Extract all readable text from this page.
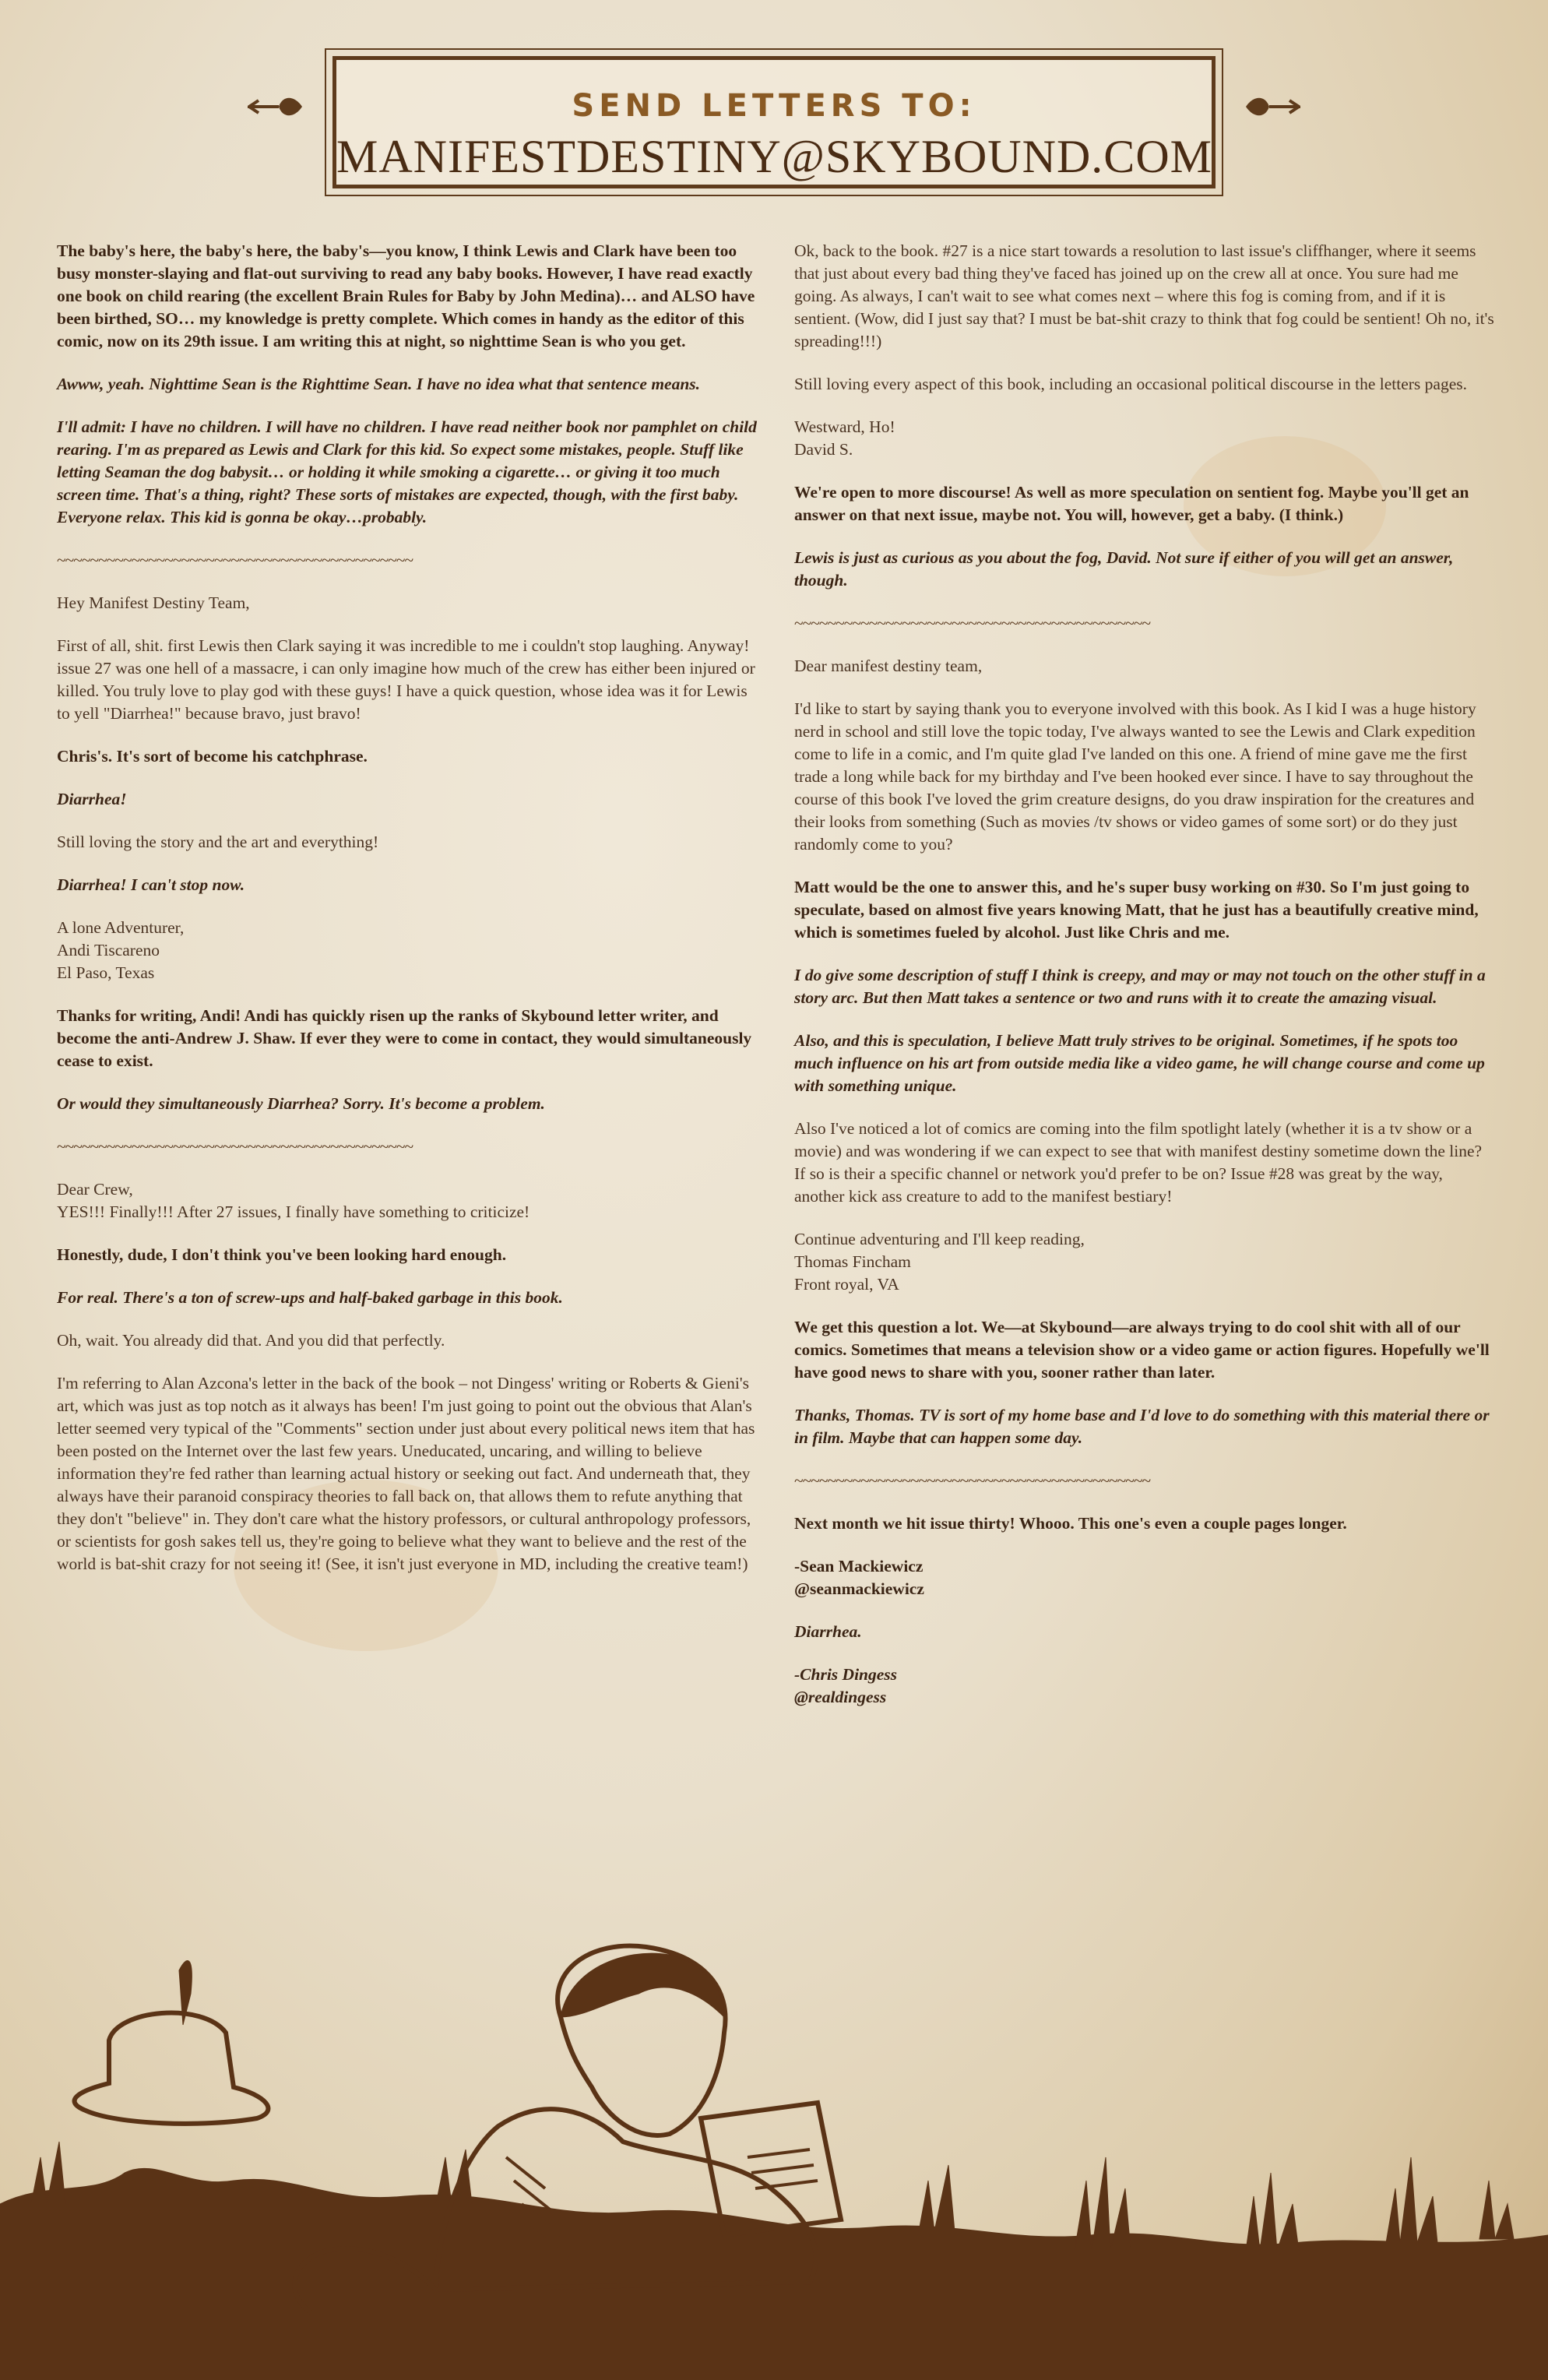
SEND LETTERS TO:
MANIFESTDESTINY@SKYBOUND.COM

The baby's here, the baby's here, the baby's—you know, I think Lewis and Clark have been too busy monster-slaying and flat-out surviving to read any baby books. However, I have read exactly one book on child rearing (the excellent Brain Rules for Baby by John Medina)… and ALSO have been birthed, SO… my knowledge is pretty complete. Which comes in handy as the editor of this comic, now on its 29th issue. I am writing this at night, so nighttime Sean is who you get.

Awww, yeah. Nighttime Sean is the Righttime Sean. I have no idea what that sentence means.

I'll admit: I have no children. I will have no children. I have read neither book nor pamphlet on child rearing. I'm as prepared as Lewis and Clark for this kid. So expect some mistakes, people. Stuff like letting Seaman the dog babysit… or holding it while smoking a cigarette… or giving it too much screen time. That's a thing, right? These sorts of mistakes are expected, though, with the first baby. Everyone relax. This kid is gonna be okay…probably.

~~~~~~~~~~~~~~~~~~~~~~~~~~~~~~~~~~~~~~~~~~~

Hey Manifest Destiny Team,

First of all, shit. first Lewis then Clark saying it was incredible to me i couldn't stop laughing. Anyway! issue 27 was one hell of a massacre, i can only imagine how much of the crew has either been injured or killed. You truly love to play god with these guys! I have a quick question, whose idea was it for Lewis to yell "Diarrhea!" because bravo, just bravo!

Chris's. It's sort of become his catchphrase.

Diarrhea!

Still loving the story and the art and everything!

Diarrhea! I can't stop now.

A lone Adventurer,
Andi Tiscareno
El Paso, Texas

Thanks for writing, Andi! Andi has quickly risen up the ranks of Skybound letter writer, and become the anti-Andrew J. Shaw. If ever they were to come in contact, they would simultaneously cease to exist.

Or would they simultaneously Diarrhea? Sorry. It's become a problem.

~~~~~~~~~~~~~~~~~~~~~~~~~~~~~~~~~~~~~~~~~~~

Dear Crew,
YES!!! Finally!!! After 27 issues, I finally have something to criticize!

Honestly, dude, I don't think you've been looking hard enough.

For real. There's a ton of screw-ups and half-baked garbage in this book.

Oh, wait. You already did that. And you did that perfectly.

I'm referring to Alan Azcona's letter in the back of the book – not Dingess' writing or Roberts & Gieni's art, which was just as top notch as it always has been! I'm just going to point out the obvious that Alan's letter seemed very typical of the "Comments" section under just about every political news item that has been posted on the Internet over the last few years. Uneducated, uncaring, and willing to believe information they're fed rather than learning actual history or seeking out fact. And underneath that, they always have their paranoid conspiracy theories to fall back on, that allows them to refute anything that they don't "believe" in. They don't care what the history professors, or cultural anthropology professors, or scientists for gosh sakes tell us, they're going to believe what they want to believe and the rest of the world is bat-shit crazy for not seeing it! (See, it isn't just everyone in MD, including the creative team!)

Ok, back to the book. #27 is a nice start towards a resolution to last issue's cliffhanger, where it seems that just about every bad thing they've faced has joined up on the crew all at once. You sure had me going. As always, I can't wait to see what comes next – where this fog is coming from, and if it is sentient. (Wow, did I just say that? I must be bat-shit crazy to think that fog could be sentient! Oh no, it's spreading!!!)

Still loving every aspect of this book, including an occasional political discourse in the letters pages.

Westward, Ho!
David S.

We're open to more discourse! As well as more speculation on sentient fog. Maybe you'll get an answer on that next issue, maybe not. You will, however, get a baby. (I think.)

Lewis is just as curious as you about the fog, David. Not sure if either of you will get an answer, though.

~~~~~~~~~~~~~~~~~~~~~~~~~~~~~~~~~~~~~~~~~~~

Dear manifest destiny team,

I'd like to start by saying thank you to everyone involved with this book. As I kid I was a huge history nerd in school and still love the topic today, I've always wanted to see the Lewis and Clark expedition come to life in a comic, and I'm quite glad I've landed on this one. A friend of mine gave me the first trade a long while back for my birthday and I've been hooked ever since. I have to say throughout the course of this book I've loved the grim creature designs, do you draw inspiration for the creatures and their looks from something (Such as movies /tv shows or video games of some sort) or do they just randomly come to you?

Matt would be the one to answer this, and he's super busy working on #30. So I'm just going to speculate, based on almost five years knowing Matt, that he just has a beautifully creative mind, which is sometimes fueled by alcohol. Just like Chris and me.

I do give some description of stuff I think is creepy, and may or may not touch on the other stuff in a story arc. But then Matt takes a sentence or two and runs with it to create the amazing visual.

Also, and this is speculation, I believe Matt truly strives to be original. Sometimes, if he spots too much influence on his art from outside media like a video game, he will change course and come up with something unique.

Also I've noticed a lot of comics are coming into the film spotlight lately (whether it is a tv show or a movie) and was wondering if we can expect to see that with manifest destiny sometime down the line? If so is their a specific channel or network you'd prefer to be on? Issue #28 was great by the way, another kick ass creature to add to the manifest bestiary!

Continue adventuring and I'll keep reading,
Thomas Fincham
Front royal, VA

We get this question a lot. We—at Skybound—are always trying to do cool shit with all of our comics. Sometimes that means a television show or a video game or action figures. Hopefully we'll have good news to share with you, sooner rather than later.

Thanks, Thomas. TV is sort of my home base and I'd love to do something with this material there or in film. Maybe that can happen some day.

~~~~~~~~~~~~~~~~~~~~~~~~~~~~~~~~~~~~~~~~~~~

Next month we hit issue thirty! Whooo. This one's even a couple pages longer.

-Sean Mackiewicz
@seanmackiewicz

Diarrhea.

-Chris Dingess
@realdingess
